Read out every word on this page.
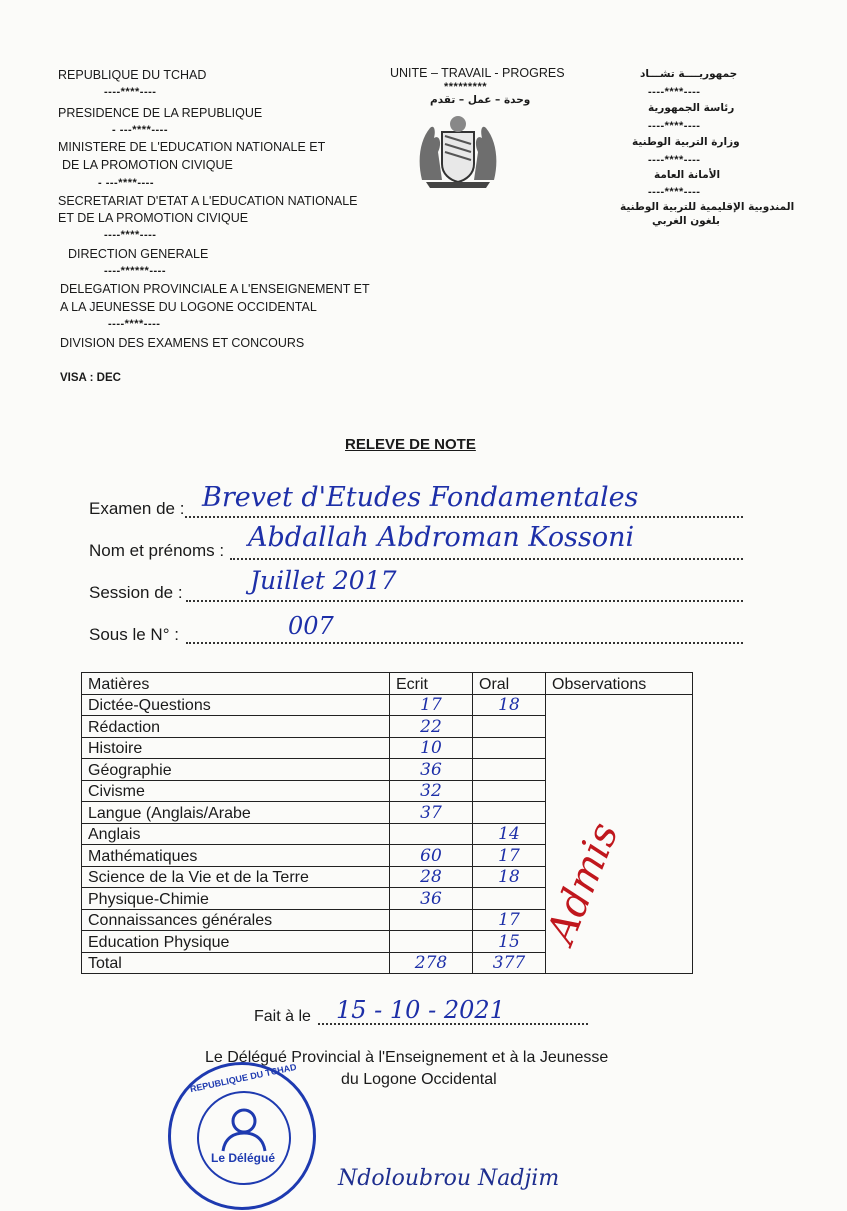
REPUBLIQUE DU TCHAD
----****----
PRESIDENCE DE LA REPUBLIQUE
- ---****----
MINISTERE DE L'EDUCATION NATIONALE ET
DE LA PROMOTION CIVIQUE
- ---****----
SECRETARIAT D'ETAT A L'EDUCATION NATIONALE
ET DE LA PROMOTION CIVIQUE
----****----
DIRECTION GENERALE
----******----
DELEGATION PROVINCIALE A L'ENSEIGNEMENT ET
A LA JEUNESSE DU LOGONE OCCIDENTAL
----****----
DIVISION DES EXAMENS ET CONCOURS
VISA : DEC
UNITE – TRAVAIL - PROGRES
*********
وحدة – عمل – تقدم
جمهوريــــة تشـــاد
----****----
رئاسة الجمهورية
----****----
وزارة التربية الوطنية
----****----
الأمانة العامة
----****----
المندوبية الإقليمية للتربية الوطنية
بلغون الغربي
RELEVE DE NOTE
Examen de : Brevet d'Etudes Fondamentales
Nom et prénoms : Abdallah Abdroman Kossoni
Session de :	Juillet 2017
Sous le N° :	007
Matières	Ecrit	Oral	Observations
Dictée-Questions	17	18	
Rédaction	22		
Histoire	10		
Géographie	36		
Civisme	32		
Langue (Anglais/Arabe	37		
Anglais		14	
Mathématiques	60	17	
Science de la Vie et de la Terre	28	18	
Physique-Chimie	36		
Connaissances générales		17	
Education Physique		15	
Total	278	377	
Admis
Fait à le 15 - 10 - 2021
Le Délégué Provincial à l'Enseignement et à la Jeunesse
du Logone Occidental
REPUBLIQUE DU TCHAD
Le Délégué
Ndoloubrou Nadjim
